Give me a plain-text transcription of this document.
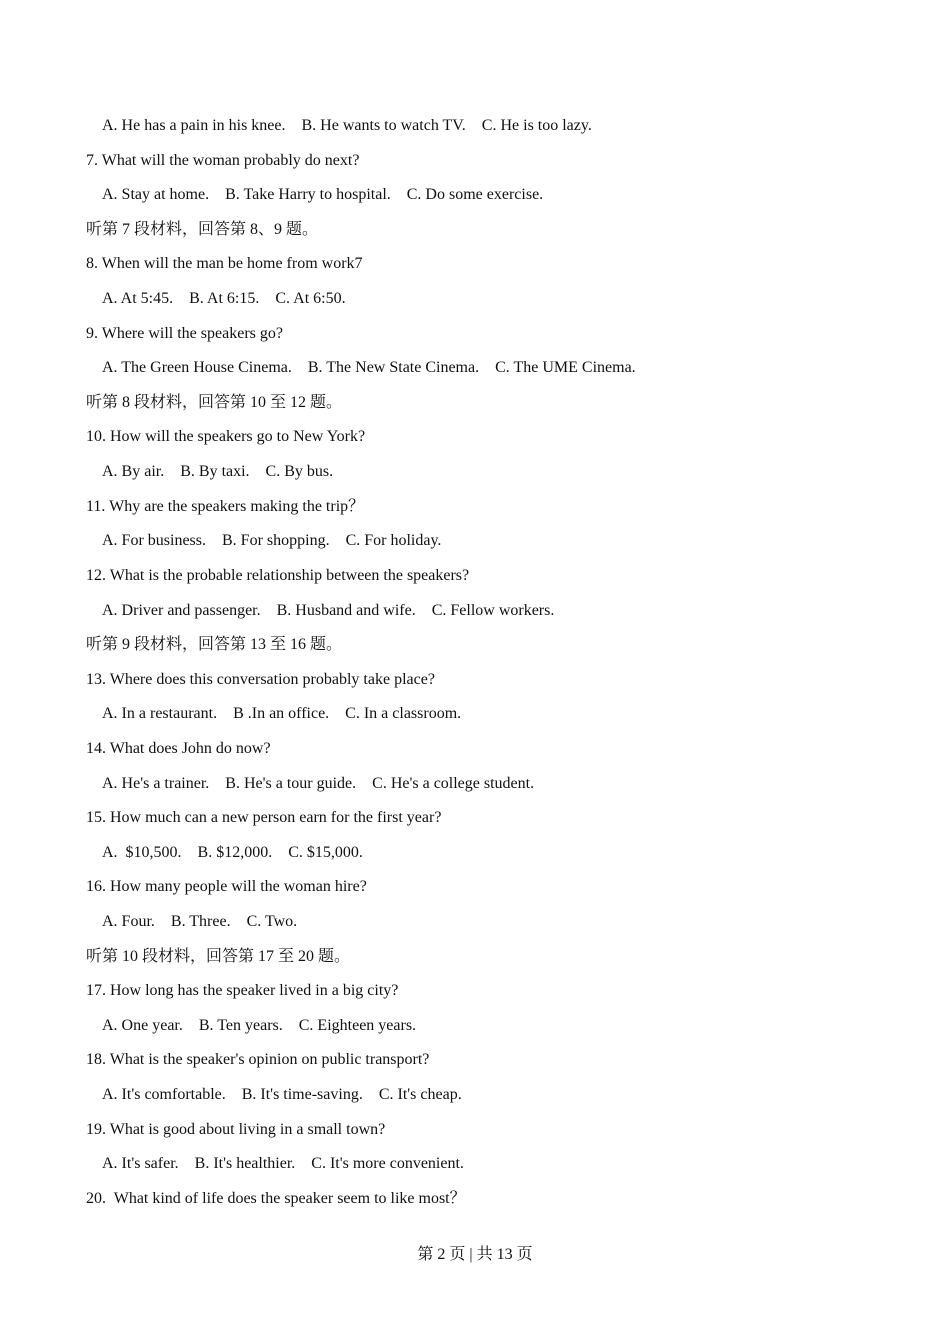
A. He has a pain in his knee.    B. He wants to watch TV.    C. He is too lazy.
7. What will the woman probably do next?
A. Stay at home.    B. Take Harry to hospital.    C. Do some exercise.
听第 7 段材料，回答第 8、9 题。
8. When will the man be home from work7
A. At 5:45.    B. At 6:15.    C. At 6:50.
9. Where will the speakers go?
A. The Green House Cinema.    B. The New State Cinema.    C. The UME Cinema.
听第 8 段材料，回答第 10 至 12 题。
10. How will the speakers go to New York?
A. By air.    B. By taxi.    C. By bus.
11. Why are the speakers making the trip？
A. For business.    B. For shopping.    C. For holiday.
12. What is the probable relationship between the speakers?
A. Driver and passenger.    B. Husband and wife.    C. Fellow workers.
听第 9 段材料，回答第 13 至 16 题。
13. Where does this conversation probably take place?
A. In a restaurant.    B .In an office.    C. In a classroom.
14. What does John do now?
A. He's a trainer.    B. He's a tour guide.    C. He's a college student.
15. How much can a new person earn for the first year?
A.  $10,500.    B. $12,000.    C. $15,000.
16. How many people will the woman hire?
A. Four.    B. Three.    C. Two.
听第 10 段材料，回答第 17 至 20 题。
17. How long has the speaker lived in a big city?
A. One year.    B. Ten years.    C. Eighteen years.
18. What is the speaker's opinion on public transport?
A. It's comfortable.    B. It's time-saving.    C. It's cheap.
19. What is good about living in a small town?
A. It's safer.    B. It's healthier.    C. It's more convenient.
20.  What kind of life does the speaker seem to like most？
第 2 页 | 共 13 页
